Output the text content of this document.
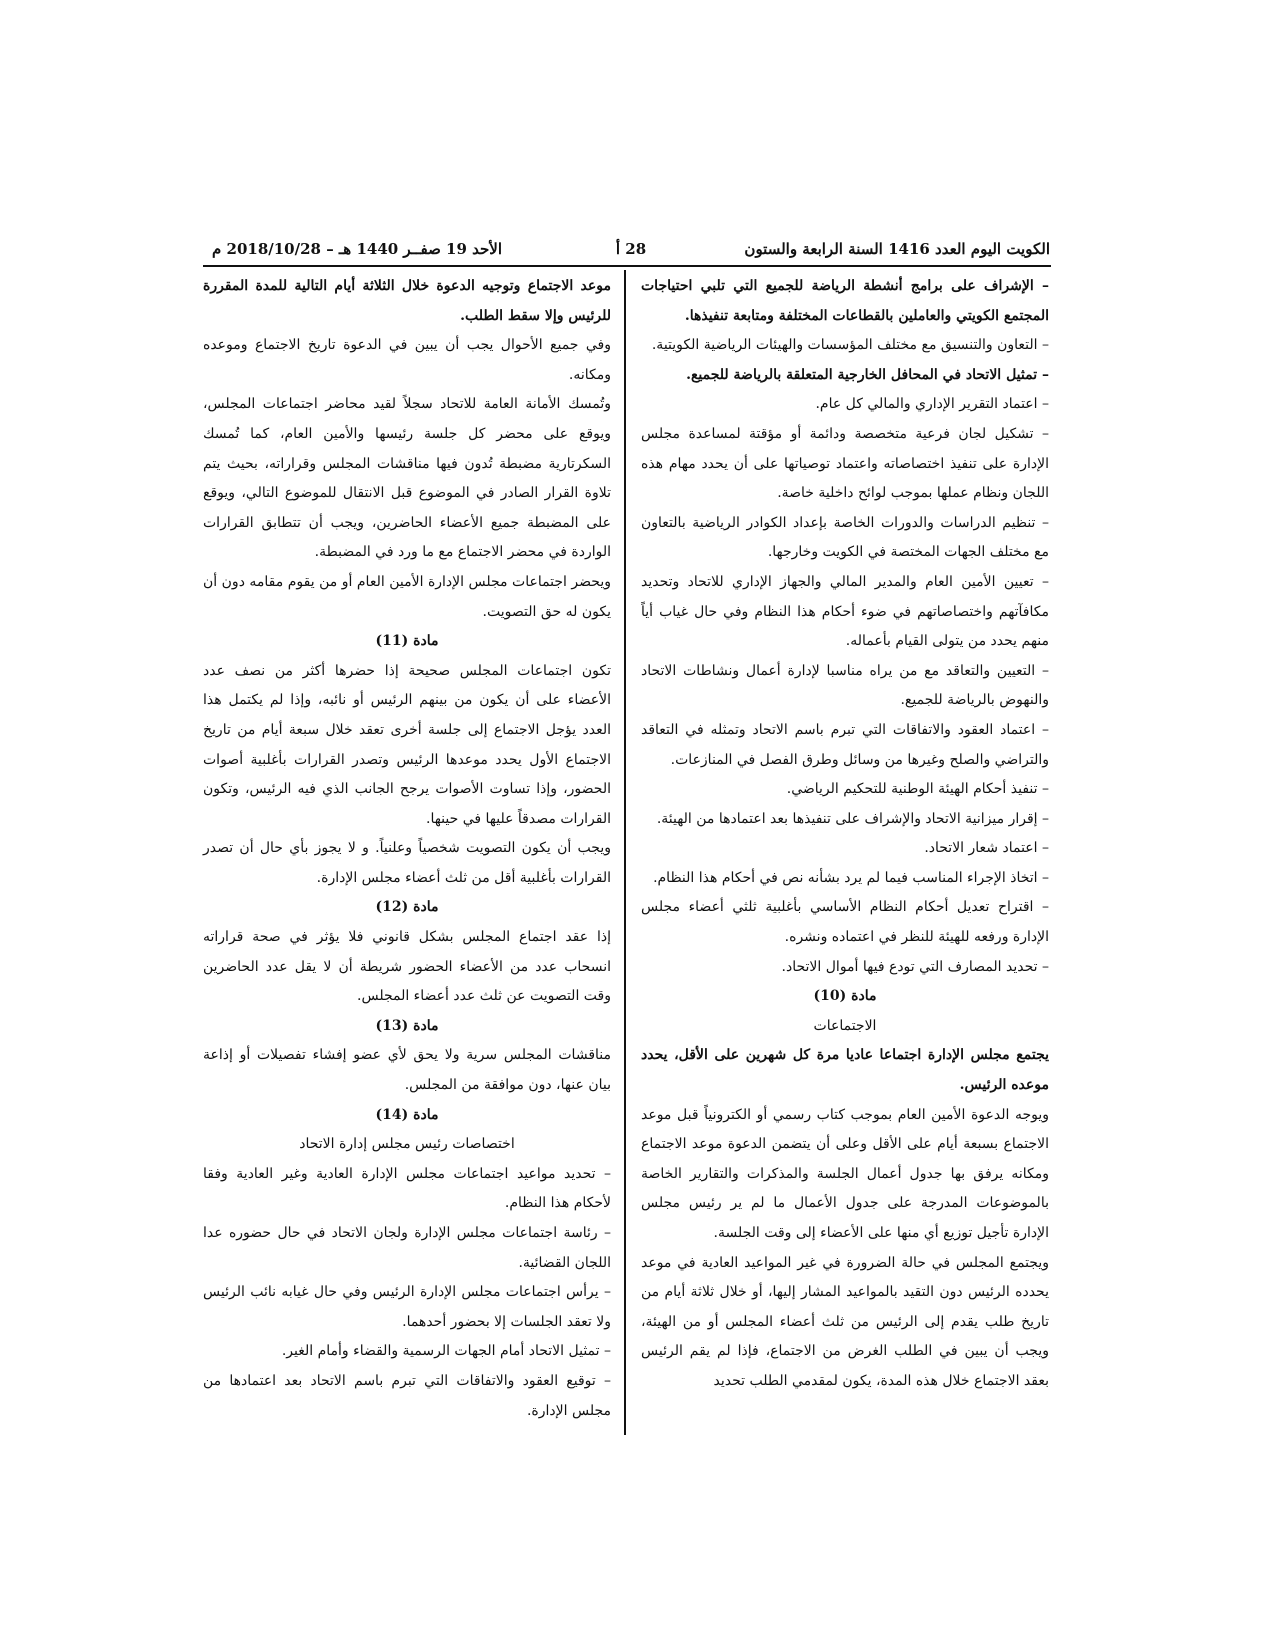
الكويت اليوم العدد 1416 السنة الرابعة والستون
28 أ
الأحد 19 صفــر 1440 هـ – 2018/10/28 م

– الإشراف على برامج أنشطة الرياضة للجميع التي تلبي احتياجات المجتمع الكويتي والعاملين بالقطاعات المختلفة ومتابعة تنفيذها.

– التعاون والتنسيق مع مختلف المؤسسات والهيئات الرياضية الكويتية.

– تمثيل الاتحاد في المحافل الخارجية المتعلقة بالرياضة للجميع.

– اعتماد التقرير الإداري والمالي كل عام.

– تشكيل لجان فرعية متخصصة ودائمة أو مؤقتة لمساعدة مجلس الإدارة على تنفيذ اختصاصاته واعتماد توصياتها على أن يحدد مهام هذه اللجان ونظام عملها بموجب لوائح داخلية خاصة.

– تنظيم الدراسات والدورات الخاصة بإعداد الكوادر الرياضية بالتعاون مع مختلف الجهات المختصة في الكويت وخارجها.

– تعيين الأمين العام والمدير المالي والجهاز الإداري للاتحاد وتحديد مكافآتهم واختصاصاتهم في ضوء أحكام هذا النظام وفي حال غياب أياً منهم يحدد من يتولى القيام بأعماله.

– التعيين والتعاقد مع من يراه مناسبا لإدارة أعمال ونشاطات الاتحاد والنهوض بالرياضة للجميع.

– اعتماد العقود والاتفاقات التي تبرم باسم الاتحاد وتمثله في التعاقد والتراضي والصلح وغيرها من وسائل وطرق الفصل في المنازعات.

– تنفيذ أحكام الهيئة الوطنية للتحكيم الرياضي.

– إقرار ميزانية الاتحاد والإشراف على تنفيذها بعد اعتمادها من الهيئة.

– اعتماد شعار الاتحاد.

– اتخاذ الإجراء المناسب فيما لم يرد بشأنه نص في أحكام هذا النظام.

– اقتراح تعديل أحكام النظام الأساسي بأغلبية ثلثي أعضاء مجلس الإدارة ورفعه للهيئة للنظر في اعتماده ونشره.

– تحديد المصارف التي تودع فيها أموال الاتحاد.

مادة (10)

الاجتماعات

يجتمع مجلس الإدارة اجتماعا عاديا مرة كل شهرين على الأقل، يحدد موعده الرئيس.

ويوجه الدعوة الأمين العام بموجب كتاب رسمي أو الكترونياً قبل موعد الاجتماع بسبعة أيام على الأقل وعلى أن يتضمن الدعوة موعد الاجتماع ومكانه يرفق بها جدول أعمال الجلسة والمذكرات والتقارير الخاصة بالموضوعات المدرجة على جدول الأعمال ما لم ير رئيس مجلس الإدارة تأجيل توزيع أي منها على الأعضاء إلى وقت الجلسة.

ويجتمع المجلس في حالة الضرورة في غير المواعيد العادية في موعد يحدده الرئيس دون التقيد بالمواعيد المشار إليها، أو خلال ثلاثة أيام من تاريخ طلب يقدم إلى الرئيس من ثلث أعضاء المجلس أو من الهيئة، ويجب أن يبين في الطلب الغرض من الاجتماع، فإذا لم يقم الرئيس بعقد الاجتماع خلال هذه المدة، يكون لمقدمي الطلب تحديد

موعد الاجتماع وتوجيه الدعوة خلال الثلاثة أيام التالية للمدة المقررة للرئيس وإلا سقط الطلب.

وفي جميع الأحوال يجب أن يبين في الدعوة تاريخ الاجتماع وموعده ومكانه.

وتُمسك الأمانة العامة للاتحاد سجلاً لقيد محاضر اجتماعات المجلس، ويوقع على محضر كل جلسة رئيسها والأمين العام، كما تُمسك السكرتارية مضبطة تُدون فيها مناقشات المجلس وقراراته، بحيث يتم تلاوة القرار الصادر في الموضوع قبل الانتقال للموضوع التالي، ويوقع على المضبطة جميع الأعضاء الحاضرين، ويجب أن تتطابق القرارات الواردة في محضر الاجتماع مع ما ورد في المضبطة.

ويحضر اجتماعات مجلس الإدارة الأمين العام أو من يقوم مقامه دون أن يكون له حق التصويت.

مادة (11)

تكون اجتماعات المجلس صحيحة إذا حضرها أكثر من نصف عدد الأعضاء على أن يكون من بينهم الرئيس أو نائبه، وإذا لم يكتمل هذا العدد يؤجل الاجتماع إلى جلسة أخرى تعقد خلال سبعة أيام من تاريخ الاجتماع الأول يحدد موعدها الرئيس وتصدر القرارات بأغلبية أصوات الحضور، وإذا تساوت الأصوات يرجح الجانب الذي فيه الرئيس، وتكون القرارات مصدقاً عليها في حينها.

ويجب أن يكون التصويت شخصياً وعلنياً. و لا يجوز بأي حال أن تصدر القرارات بأغلبية أقل من ثلث أعضاء مجلس الإدارة.

مادة (12)

إذا عقد اجتماع المجلس بشكل قانوني فلا يؤثر في صحة قراراته انسحاب عدد من الأعضاء الحضور شريطة أن لا يقل عدد الحاضرين وقت التصويت عن ثلث عدد أعضاء المجلس.

مادة (13)

مناقشات المجلس سرية ولا يحق لأي عضو إفشاء تفصيلات أو إذاعة بيان عنها، دون موافقة من المجلس.

مادة (14)

اختصاصات رئيس مجلس إدارة الاتحاد

– تحديد مواعيد اجتماعات مجلس الإدارة العادية وغير العادية وفقا لأحكام هذا النظام.

– رئاسة اجتماعات مجلس الإدارة ولجان الاتحاد في حال حضوره عدا اللجان القضائية.

– يرأس اجتماعات مجلس الإدارة الرئيس وفي حال غيابه نائب الرئيس ولا تعقد الجلسات إلا بحضور أحدهما.

– تمثيل الاتحاد أمام الجهات الرسمية والقضاء وأمام الغير.

– توقيع العقود والاتفاقات التي تبرم باسم الاتحاد بعد اعتمادها من مجلس الإدارة.
